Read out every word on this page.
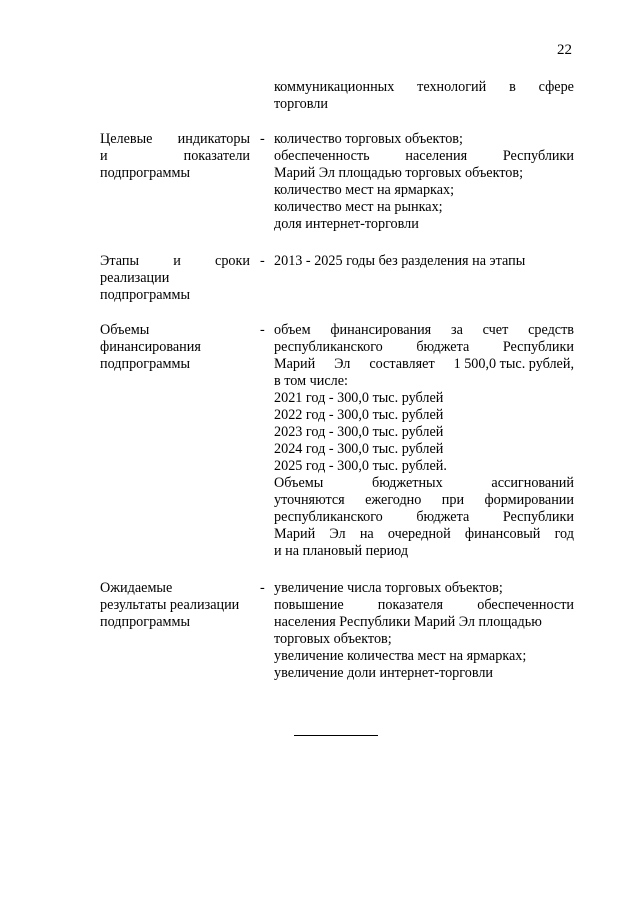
22
коммуникационных технологий в сфере
торговли
Целевые индикаторы
и	показатели
подпрограммы
- количество торговых объектов;
обеспеченность	населения	Республики
Марий Эл площадью торговых объектов;
количество мест на ярмарках;
количество мест на рынках;
доля интернет-торговли
Этапы и сроки
реализации
подпрограммы
- 2013 - 2025 годы без разделения на этапы
Объемы
финансирования
подпрограммы
- объем финансирования за счет средств
республиканского бюджета Республики
Марий Эл составляет 1 500,0 тыс. рублей,
в том числе:
2021 год - 300,0 тыс. рублей
2022 год - 300,0 тыс. рублей
2023 год - 300,0 тыс. рублей
2024 год - 300,0 тыс. рублей
2025 год - 300,0 тыс. рублей.
Объемы	бюджетных	ассигнований
уточняются ежегодно при формировании
республиканского бюджета Республики
Марий Эл на очередной финансовый год
и на плановый период
Ожидаемые
результаты реализации
подпрограммы
- увеличение числа торговых объектов;
повышение показателя обеспеченности
населения Республики Марий Эл площадью
торговых объектов;
увеличение количества мест на ярмарках;
увеличение доли интернет-торговли
